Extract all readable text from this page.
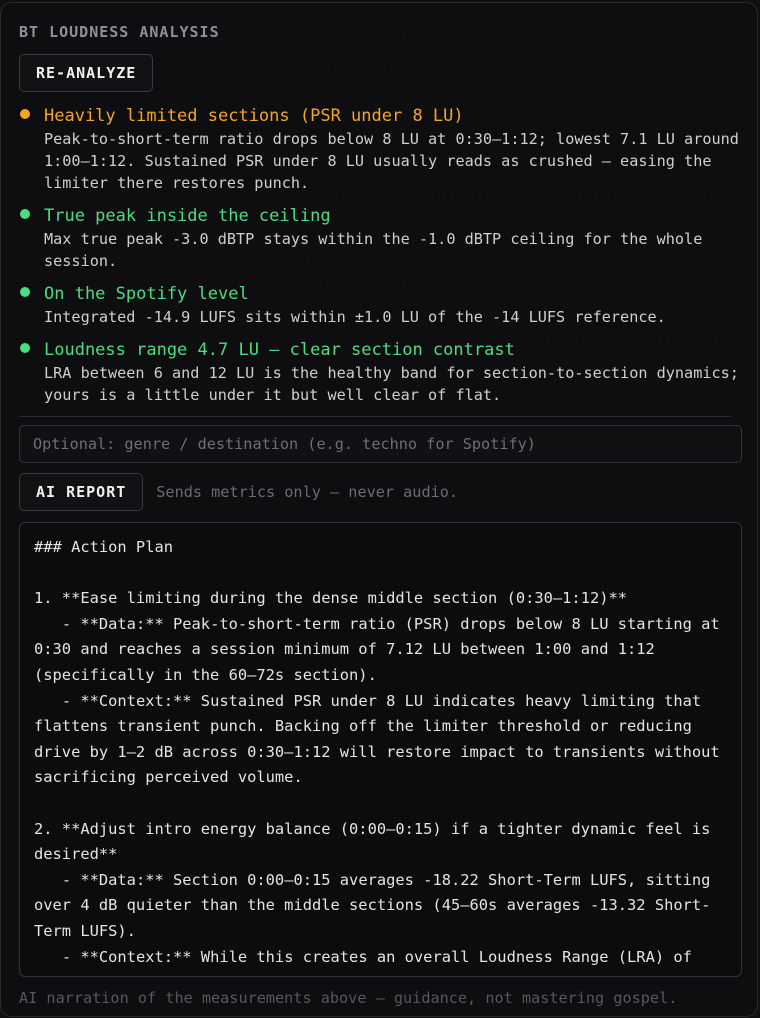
BT LOUDNESS ANALYSIS
RE-ANALYZE
Heavily limited sections (PSR under 8 LU)
Peak-to-short-term ratio drops below 8 LU at 0:30–1:12; lowest 7.1 LU around 1:00–1:12. Sustained PSR under 8 LU usually reads as crushed — easing the limiter there restores punch.
True peak inside the ceiling
Max true peak -3.0 dBTP stays within the -1.0 dBTP ceiling for the whole session.
On the Spotify level
Integrated -14.9 LUFS sits within ±1.0 LU of the -14 LUFS reference.
Loudness range 4.7 LU — clear section contrast
LRA between 6 and 12 LU is the healthy band for section-to-section dynamics; yours is a little under it but well clear of flat.
Optional: genre / destination (e.g. techno for Spotify)
AI REPORT	Sends metrics only — never audio.
### Action Plan

1. **Ease limiting during the dense middle section (0:30–1:12)**
- **Data:** Peak-to-short-term ratio (PSR) drops below 8 LU starting at 0:30 and reaches a session minimum of 7.12 LU between 1:00 and 1:12 (specifically in the 60–72s section).
- **Context:** Sustained PSR under 8 LU indicates heavy limiting that flattens transient punch. Backing off the limiter threshold or reducing drive by 1–2 dB across 0:30–1:12 will restore impact to transients without sacrificing perceived volume.

2. **Adjust intro energy balance (0:00–0:15) if a tighter dynamic feel is desired**
- **Data:** Section 0:00–0:15 averages -18.22 Short-Term LUFS, sitting over 4 dB quieter than the middle sections (45–60s averages -13.32 Short-Term LUFS).
- **Context:** While this creates an overall Loudness Range (LRA) of
AI narration of the measurements above — guidance, not mastering gospel.
